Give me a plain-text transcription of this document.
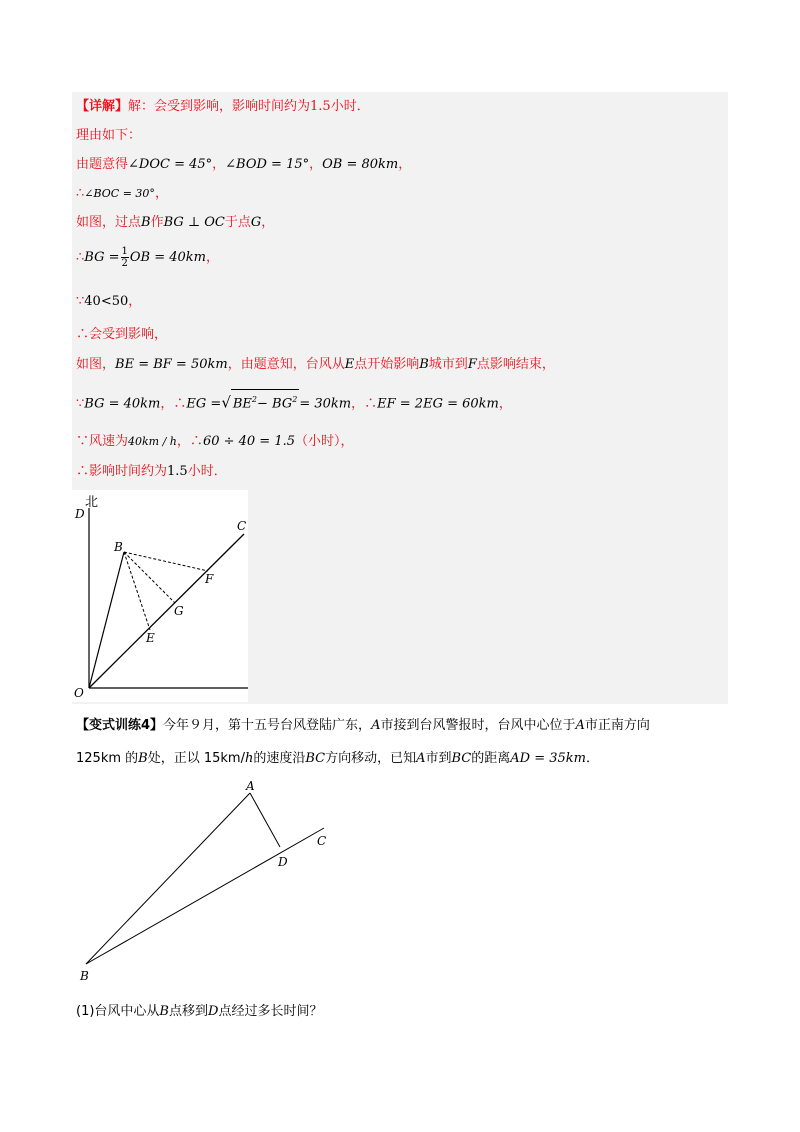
【详解】解：会受到影响，影响时间约为1.5小时．
理由如下：
由题意得∠DOC = 45°，∠BOD = 15°，OB = 80km，
∴∠BOC = 30°，
如图，过点B作BG ⊥ OC于点G，
∴BG = $\frac{1}{2}$ OB = 40km，
∵40<50，
∴会受到影响，
如图，BE = BF = 50km，由题意知，台风从E点开始影响B城市到F点影响结束，
∵BG = 40km，∴EG =√ $BE^2- BG^2 = 30km$，∴EF = 2EG = 60km，
∵风速为40km / h，∴60 ÷ 40 = 1.5（小时），
∴影响时间约为1.5小时．
北
D
C
B
F
G
E
O
【变式训练4】今年９月，第十五号台风登陆广东，A市接到台风警报时，台风中心位于A市正南方向
125km 的B处，正以 15km/h的速度沿BC方向移动，已知A市到BC的距离AD = 35km．
A
C
D
B
(1)台风中心从B点移到D点经过多长时间？
